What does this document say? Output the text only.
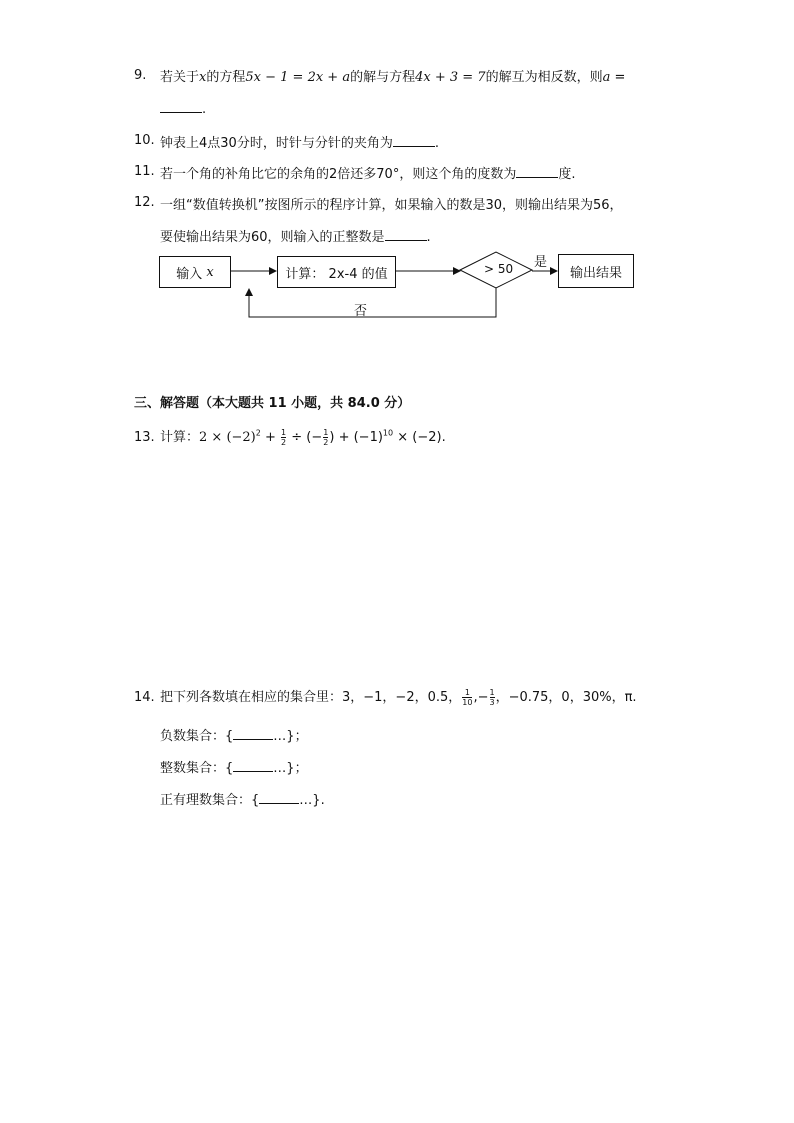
9. 若关于x的方程5x − 1 = 2x + a的解与方程4x + 3 = 7的解互为相反数，则a =
.
10. 钟表上4点30分时，时针与分针的夹角为	.
11. 若一个角的补角比它的余角的2倍还多70°，则这个角的度数为	度.
12. 一组“数值转换机”按图所示的程序计算，如果输入的数是30，则输出结果为56，
要使输出结果为60，则输入的正整数是	.
输入
x	计算：
2x-4 的值	> 50 是
否
输出结果
三、解答题（本大题共 11 小题，共 84.0 分）
13. 计算：$2 \times (-2)^2 + \frac{1}{2}$ ÷ (− $\frac{1}{2}$ ) + $(-1)^{10} \times (-2)$.
14. 把下列各数填在相应的集合里：3，−1，−2，0.5， $\frac{1}{10}$ ,− $\frac{1}{3}$ ，−0.75，0，30%，π.
负数集合：{	…}；
整数集合：{	…}；
正有理数集合：{	…}.
